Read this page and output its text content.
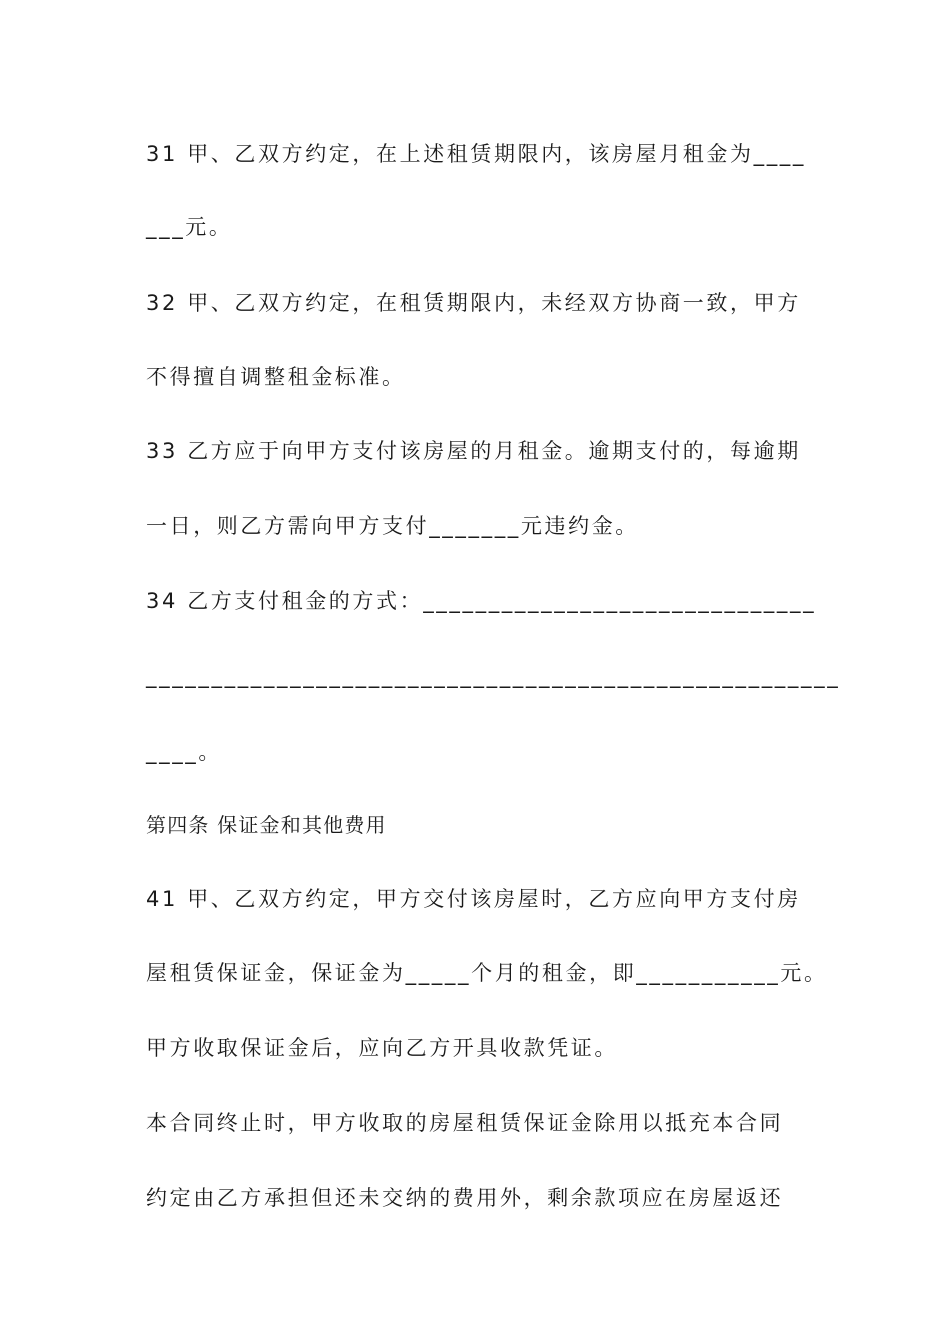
31 甲、乙双方约定，在上述租赁期限内，该房屋月租金为____
___元。
32 甲、乙双方约定，在租赁期限内，未经双方协商一致，甲方
不得擅自调整租金标准。
33 乙方应于向甲方支付该房屋的月租金。逾期支付的，每逾期
一日，则乙方需向甲方支付_______元违约金。
34 乙方支付租金的方式：______________________________
_____________________________________________________
____。
第四条 保证金和其他费用
41 甲、乙双方约定，甲方交付该房屋时，乙方应向甲方支付房
屋租赁保证金，保证金为_____个月的租金，即___________元。
甲方收取保证金后，应向乙方开具收款凭证。
本合同终止时，甲方收取的房屋租赁保证金除用以抵充本合同
约定由乙方承担但还未交纳的费用外，剩余款项应在房屋返还
